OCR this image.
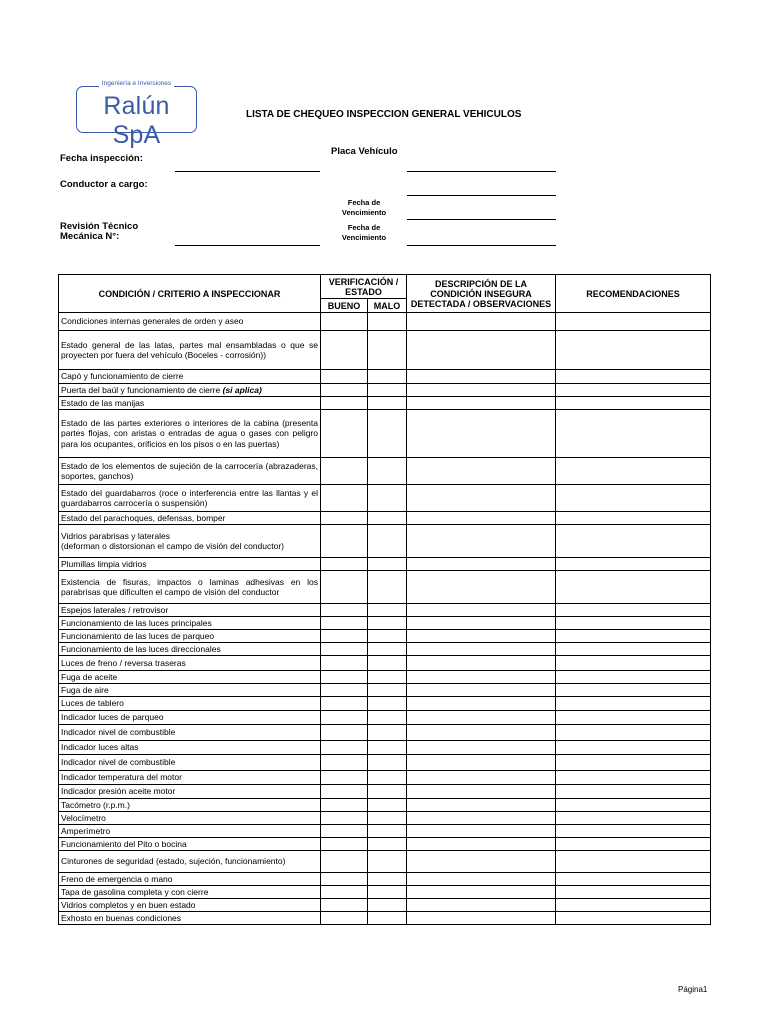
Ingeniería e Inversiones
Ralún SpA
LISTA DE CHEQUEO INSPECCION GENERAL VEHICULOS
Fecha inspección:
Placa Vehículo
Conductor a cargo:
Fecha de Vencimiento
Revisión Técnico Mecánica N°:
Fecha de Vencimiento
CONDICIÓN / CRITERIO A INSPECCIONAR	VERIFICACIÓN / ESTADO		DESCRIPCIÓN DE LA CONDICIÓN INSEGURA DETECTADA / OBSERVACIONES	RECOMENDACIONES
	BUENO	MALO		
Condiciones internas generales de orden y aseo				
Estado general de las latas, partes mal ensambladas o que se proyecten por fuera del vehículo (Boceles - corrosión))				
Capó y funcionamiento de cierre				
Puerta del baúl y funcionamiento de cierre (si aplica)				
Estado de las manijas				
Estado de las partes exteriores o interiores de la cabina (presenta partes flojas, con aristas o entradas de agua o gases con peligro para los ocupantes, orificios en los pisos o en las puertas)				
Estado de los elementos de sujeción de la carrocería (abrazaderas, soportes, ganchos)				
Estado del guardabarros (roce o interferencia entre las llantas y el guardabarros carrocería o suspensión)				
Estado del parachoques, defensas, bomper				
Vidrios parabrisas y laterales
(deforman o distorsionan el campo de visión del conductor)				
Plumillas limpia vidrios				
Existencia de fisuras, impactos o laminas adhesivas en los parabrisas que dificulten el campo de visión del conductor				
Espejos laterales / retrovisor				
Funcionamiento de las luces principales				
Funcionamiento de las luces de parqueo				
Funcionamiento de las luces direccionales				
Luces de freno / reversa traseras				
Fuga de aceite				
Fuga de aire				
Luces de tablero				
Indicador luces de parqueo				
Indicador nivel de combustible				
Indicador luces altas				
Indicador nivel de combustible				
Indicador temperatura del motor				
Indicador presión aceite motor				
Tacómetro (r.p.m.)				
Velocímetro				
Amperímetro				
Funcionamiento del Pito o bocina				
Cinturones de seguridad (estado, sujeción, funcionamiento)				
Freno de emergencia o mano				
Tapa de gasolina completa y con cierre				
Vidrios completos y en buen estado				
Exhosto en buenas condiciones				
Página1
